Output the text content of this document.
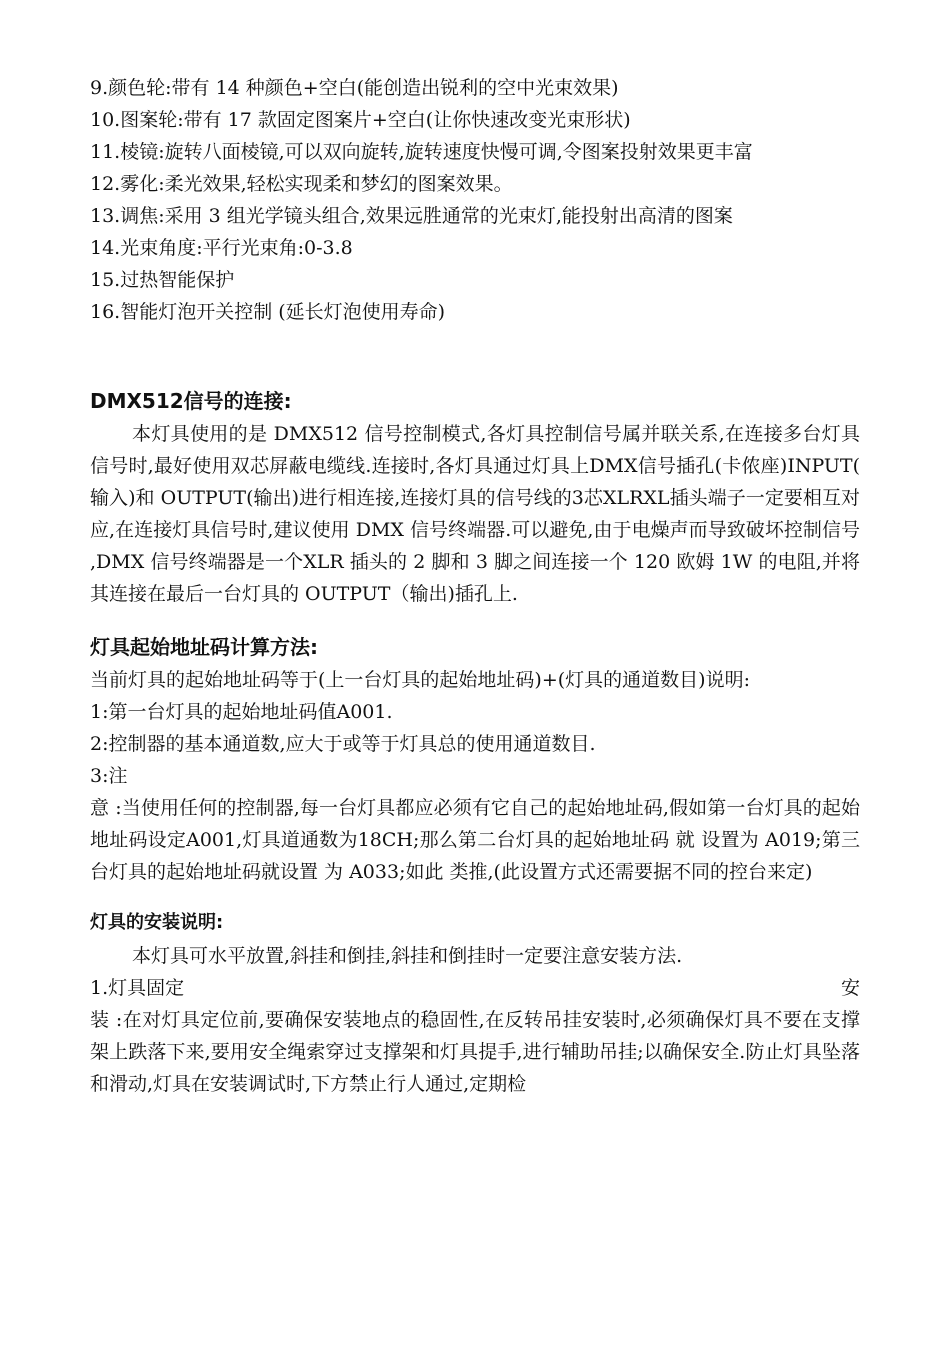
9.颜色轮:带有 14 种颜色+空白(能创造出锐利的空中光束效果)
10.图案轮:带有 17 款固定图案片+空白(让你快速改变光束形状)
11.棱镜:旋转八面棱镜,可以双向旋转,旋转速度快慢可调,令图案投射效果更丰富
12.雾化:柔光效果,轻松实现柔和梦幻的图案效果。
13.调焦:采用 3 组光学镜头组合,效果远胜通常的光束灯,能投射出高清的图案
14.光束角度:平行光束角:0-3.8
15.过热智能保护
16.智能灯泡开关控制 (延长灯泡使用寿命)
DMX512信号的连接:
本灯具使用的是 DMX512 信号控制模式,各灯具控制信号属并联关系,在连接多台灯具信号时,最好使用双芯屏蔽电缆线.连接时,各灯具通过灯具上DMX信号插孔(卡侬座)INPUT( 输入)和 OUTPUT(输出)进行相连接,连接灯具的信号线的3芯XLRXL插头端子一定要相互对应,在连接灯具信号时,建议使用 DMX 信号终端器.可以避免,由于电燥声而导致破坏控制信号 ,DMX 信号终端器是一个XLR 插头的 2 脚和 3 脚之间连接一个 120 欧姆 1W 的电阻,并将其连接在最后一台灯具的 OUTPUT（输出)插孔上.
灯具起始地址码计算方法:
当前灯具的起始地址码等于(上一台灯具的起始地址码)+(灯具的通道数目)说明:
1:第一台灯具的起始地址码值A001.
2:控制器的基本通道数,应大于或等于灯具总的使用通道数目.
3:注
意 :当使用任何的控制器,每一台灯具都应必须有它自己的起始地址码,假如第一台灯具的起始地址码设定A001,灯具道通数为18CH;那么第二台灯具的起始地址码 就 设置为 A019;第三台灯具的起始地址码就设置 为 A033;如此 类推,(此设置方式还需要据不同的控台来定)
灯具的安装说明:
本灯具可水平放置,斜挂和倒挂,斜挂和倒挂时一定要注意安装方法.
1.灯具固定	安
装 :在对灯具定位前,要确保安装地点的稳固性,在反转吊挂安装时,必须确保灯具不要在支撑架上跌落下来,要用安全绳索穿过支撑架和灯具提手,进行辅助吊挂;以确保安全.防止灯具坠落和滑动,灯具在安装调试时,下方禁止行人通过,定期检
